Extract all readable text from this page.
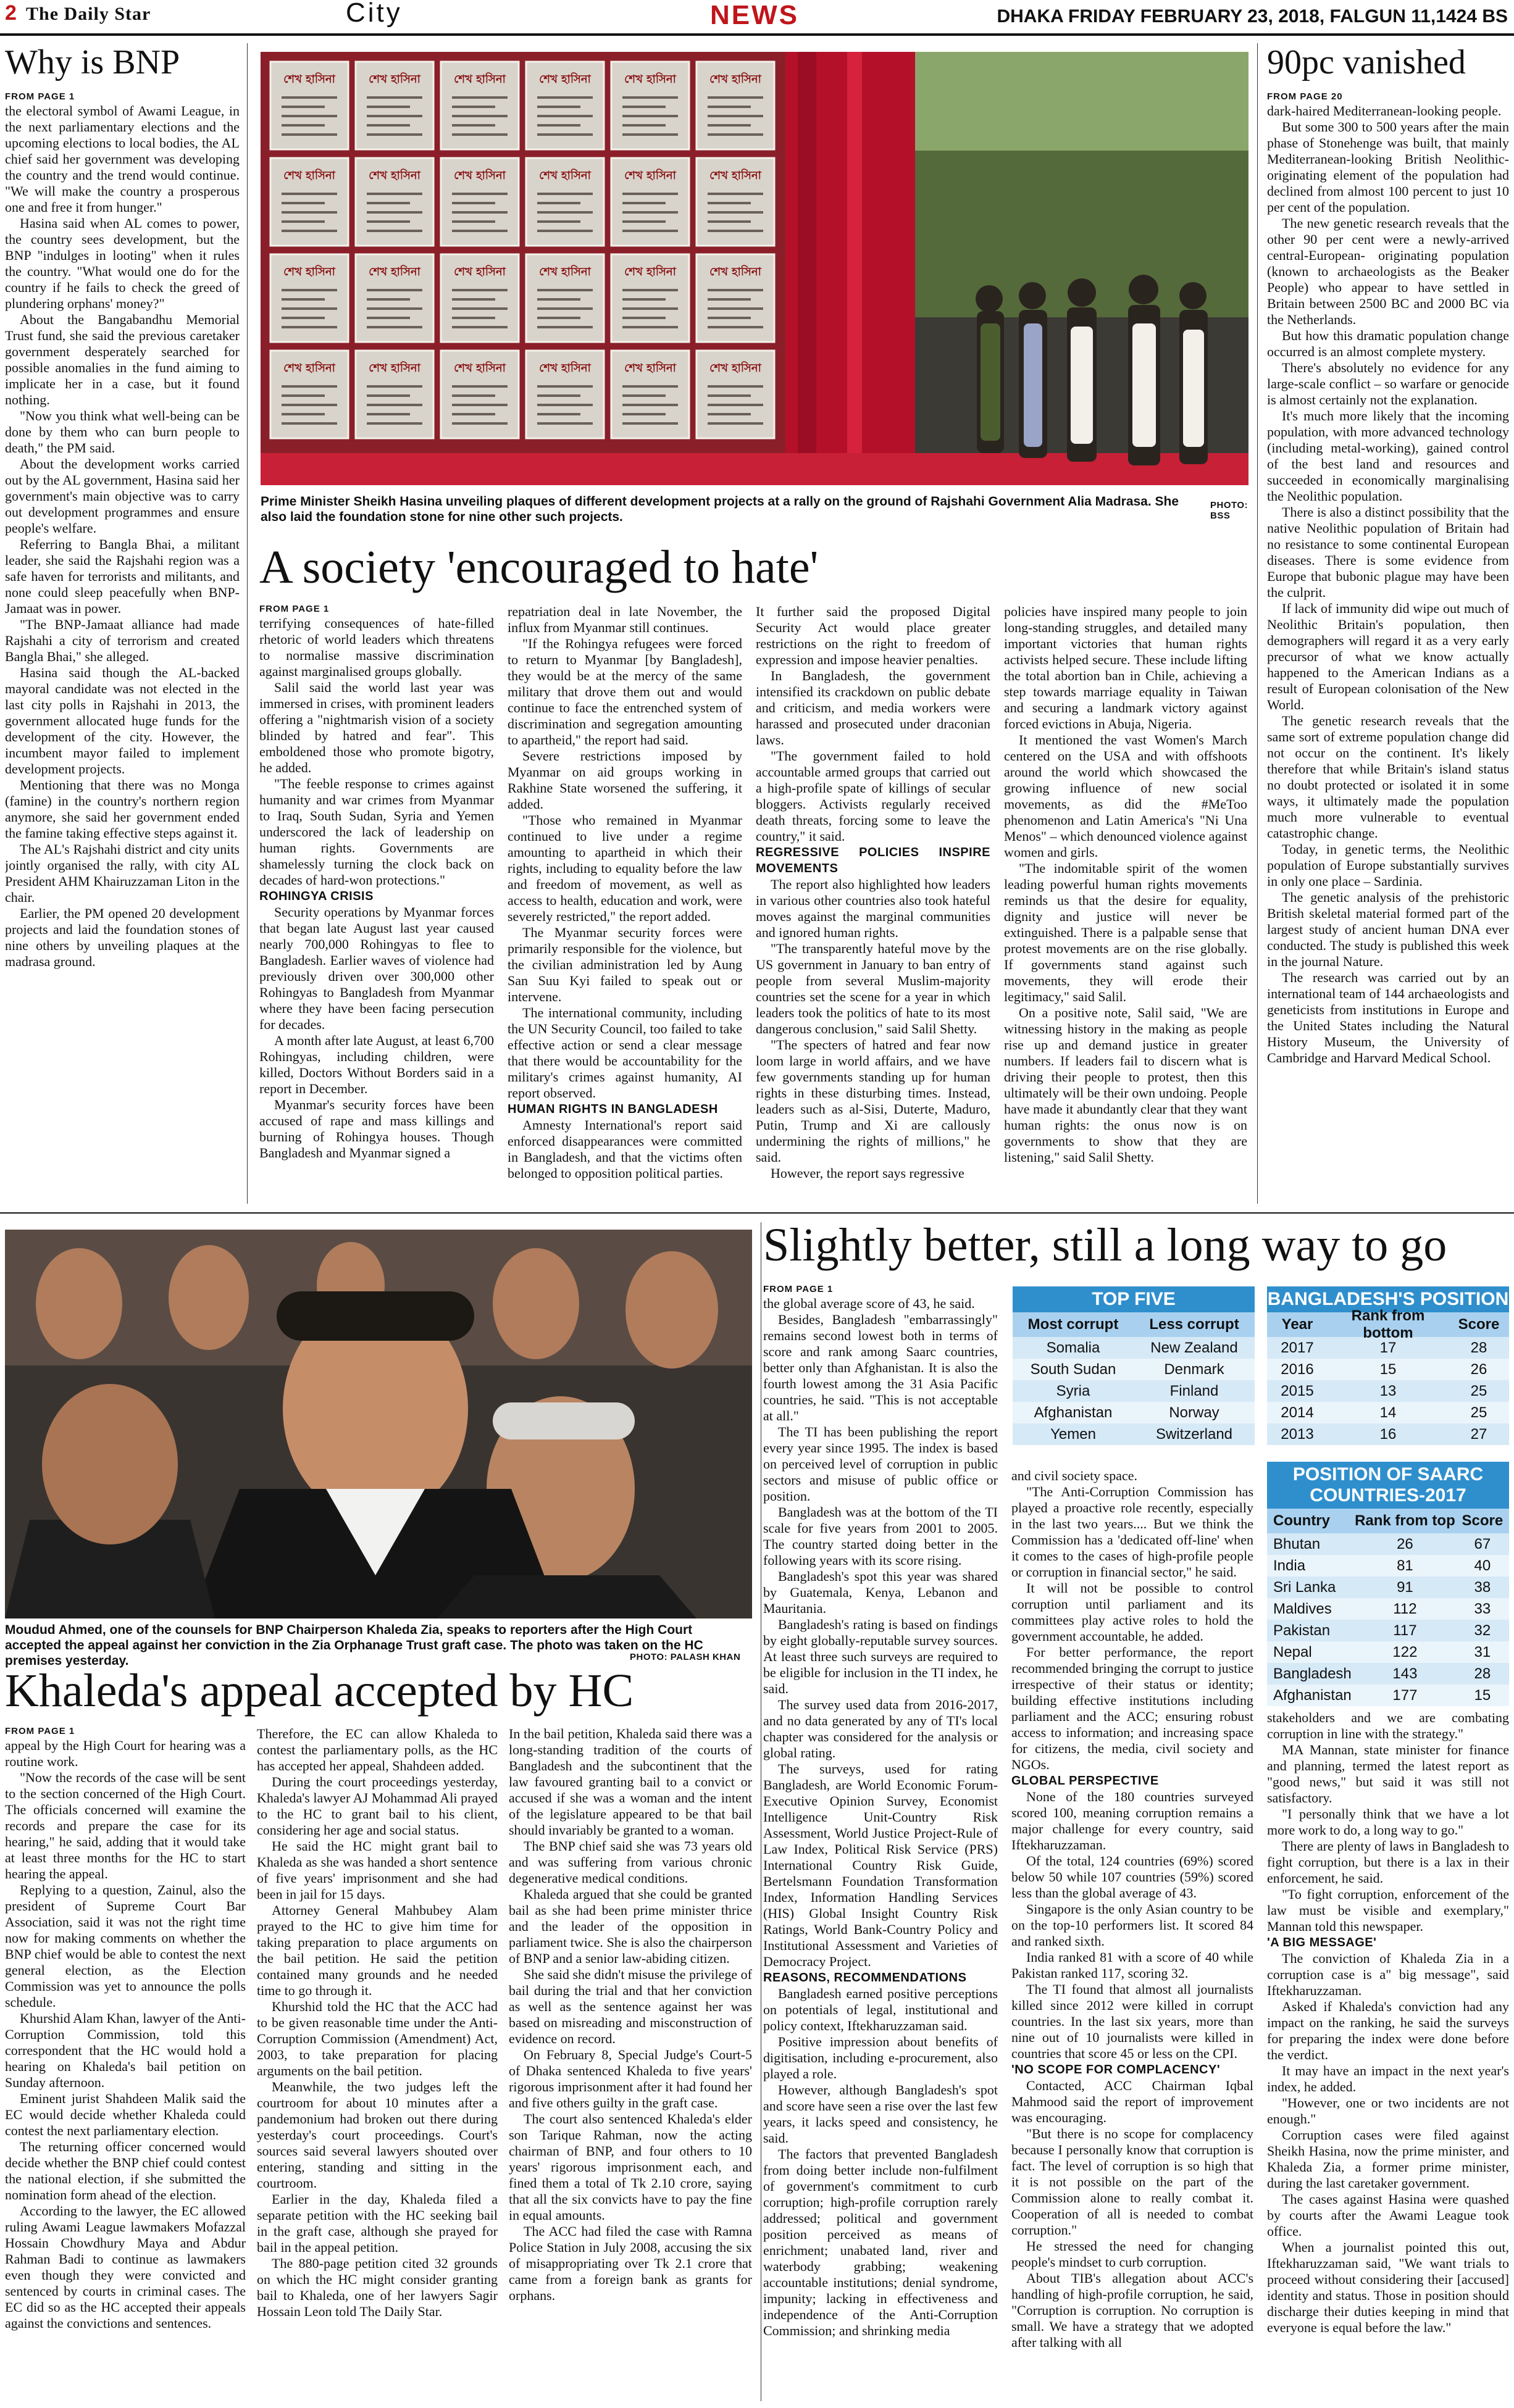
2 The Daily Star	City	NEWS	DHAKA FRIDAY FEBRUARY 23, 2018, FALGUN 11,1424 BS
Why is BNP
FROM PAGE 1

the electoral symbol of Awami League, in the next parliamentary elections and the upcoming elections to local bodies, the AL chief said her government was developing the country and the trend would continue. "We will make the country a prosperous one and free it from hunger."

Hasina said when AL comes to power, the country sees development, but the BNP "indulges in looting" when it rules the country. "What would one do for the country if he fails to check the greed of plundering orphans' money?"

About the Bangabandhu Memorial Trust fund, she said the previous caretaker government desperately searched for possible anomalies in the fund aiming to implicate her in a case, but it found nothing.

"Now you think what well-being can be done by them who can burn people to death," the PM said.

About the development works carried out by the AL government, Hasina said her government's main objective was to carry out development programmes and ensure people's welfare.

Referring to Bangla Bhai, a militant leader, she said the Rajshahi region was a safe haven for terrorists and militants, and none could sleep peacefully when BNP-Jamaat was in power.

"The BNP-Jamaat alliance had made Rajshahi a city of terrorism and created Bangla Bhai," she alleged.

Hasina said though the AL-backed mayoral candidate was not elected in the last city polls in Rajshahi in 2013, the government allocated huge funds for the development of the city. However, the incumbent mayor failed to implement development projects.

Mentioning that there was no Monga (famine) in the country's northern region anymore, she said her government ended the famine taking effective steps against it.

The AL's Rajshahi district and city units jointly organised the rally, with city AL President AHM Khairuzzaman Liton in the chair.

Earlier, the PM opened 20 development projects and laid the foundation stones of nine others by unveiling plaques at the madrasa ground.

শেখ হাসিনা	শেখ হাসিনা	শেখ হাসিনা	শেখ হাসিনা	শেখ হাসিনা	শেখ হাসিনা
শেখ হাসিনা	শেখ হাসিনা	শেখ হাসিনা	শেখ হাসিনা	শেখ হাসিনা	শেখ হাসিনা
শেখ হাসিনা	শেখ হাসিনা	শেখ হাসিনা	শেখ হাসিনা	শেখ হাসিনা	শেখ হাসিনা
শেখ হাসিনা	শেখ হাসিনা	শেখ হাসিনা	শেখ হাসিনা	শেখ হাসিনা	শেখ হাসিনা
Prime Minister Sheikh Hasina unveiling plaques of different development projects at a rally on the ground of Rajshahi Government Alia Madrasa. She also laid the foundation stone for nine other such projects.
PHOTO:
BSS
A society 'encouraged to hate'
FROM PAGE 1

terrifying consequences of hate-filled rhetoric of world leaders which threatens to normalise massive discrimination against marginalised groups globally.

Salil said the world last year was immersed in crises, with prominent leaders offering a "nightmarish vision of a society blinded by hatred and fear". This emboldened those who promote bigotry, he added.

"The feeble response to crimes against humanity and war crimes from Myanmar to Iraq, South Sudan, Syria and Yemen underscored the lack of leadership on human rights. Governments are shamelessly turning the clock back on decades of hard-won protections."

ROHINGYA CRISIS

Security operations by Myanmar forces that began late August last year caused nearly 700,000 Rohingyas to flee to Bangladesh. Earlier waves of violence had previously driven over 300,000 other Rohingyas to Bangladesh from Myanmar where they have been facing persecution for decades.

A month after late August, at least 6,700 Rohingyas, including children, were killed, Doctors Without Borders said in a report in December.

Myanmar's security forces have been accused of rape and mass killings and burning of Rohingya houses. Though Bangladesh and Myanmar signed a

repatriation deal in late November, the influx from Myanmar still continues.

"If the Rohingya refugees were forced to return to Myanmar [by Bangladesh], they would be at the mercy of the same military that drove them out and would continue to face the entrenched system of discrimination and segregation amounting to apartheid," the report had said.

Severe restrictions imposed by Myanmar on aid groups working in Rakhine State worsened the suffering, it added.

"Those who remained in Myanmar continued to live under a regime amounting to apartheid in which their rights, including to equality before the law and freedom of movement, as well as access to health, education and work, were severely restricted," the report added.

The Myanmar security forces were primarily responsible for the violence, but the civilian administration led by Aung San Suu Kyi failed to speak out or intervene.

The international community, including the UN Security Council, too failed to take effective action or send a clear message that there would be accountability for the military's crimes against humanity, AI report observed.

HUMAN RIGHTS IN BANGLADESH

Amnesty International's report said enforced disappearances were committed in Bangladesh, and that the victims often belonged to opposition political parties.

It further said the proposed Digital Security Act would place greater restrictions on the right to freedom of expression and impose heavier penalties.

In Bangladesh, the government intensified its crackdown on public debate and criticism, and media workers were harassed and prosecuted under draconian laws.

"The government failed to hold accountable armed groups that carried out a high-profile spate of killings of secular bloggers. Activists regularly received death threats, forcing some to leave the country," it said.

REGRESSIVE POLICIES INSPIRE MOVEMENTS

The report also highlighted how leaders in various other countries also took hateful moves against the marginal communities and ignored human rights.

"The transparently hateful move by the US government in January to ban entry of people from several Muslim-majority countries set the scene for a year in which leaders took the politics of hate to its most dangerous conclusion," said Salil Shetty.

"The specters of hatred and fear now loom large in world affairs, and we have few governments standing up for human rights in these disturbing times. Instead, leaders such as al-Sisi, Duterte, Maduro, Putin, Trump and Xi are callously undermining the rights of millions," he said.

However, the report says regressive

policies have inspired many people to join long-standing struggles, and detailed many important victories that human rights activists helped secure. These include lifting the total abortion ban in Chile, achieving a step towards marriage equality in Taiwan and securing a landmark victory against forced evictions in Abuja, Nigeria.

It mentioned the vast Women's March centered on the USA and with offshoots around the world which showcased the growing influence of new social movements, as did the #MeToo phenomenon and Latin America's "Ni Una Menos" – which denounced violence against women and girls.

"The indomitable spirit of the women leading powerful human rights movements reminds us that the desire for equality, dignity and justice will never be extinguished. There is a palpable sense that protest movements are on the rise globally. If governments stand against such movements, they will erode their legitimacy," said Salil.

On a positive note, Salil said, "We are witnessing history in the making as people rise up and demand justice in greater numbers. If leaders fail to discern what is driving their people to protest, then this ultimately will be their own undoing. People have made it abundantly clear that they want human rights: the onus now is on governments to show that they are listening," said Salil Shetty.

90pc vanished
FROM PAGE 20

dark-haired Mediterranean-looking people.

But some 300 to 500 years after the main phase of Stonehenge was built, that mainly Mediterranean-looking British Neolithic-originating element of the population had declined from almost 100 percent to just 10 per cent of the population.

The new genetic research reveals that the other 90 per cent were a newly-arrived central-European- originating population (known to archaeologists as the Beaker People) who appear to have settled in Britain between 2500 BC and 2000 BC via the Netherlands.

But how this dramatic population change occurred is an almost complete mystery.

There's absolutely no evidence for any large-scale conflict – so warfare or genocide is almost certainly not the explanation.

It's much more likely that the incoming population, with more advanced technology (including metal-working), gained control of the best land and resources and succeeded in economically marginalising the Neolithic population.

There is also a distinct possibility that the native Neolithic population of Britain had no resistance to some continental European diseases. There is some evidence from Europe that bubonic plague may have been the culprit.

If lack of immunity did wipe out much of Neolithic Britain's population, then demographers will regard it as a very early precursor of what we know actually happened to the American Indians as a result of European colonisation of the New World.

The genetic research reveals that the same sort of extreme population change did not occur on the continent. It's likely therefore that while Britain's island status no doubt protected or isolated it in some ways, it ultimately made the population much more vulnerable to eventual catastrophic change.

Today, in genetic terms, the Neolithic population of Europe substantially survives in only one place – Sardinia.

The genetic analysis of the prehistoric British skeletal material formed part of the largest study of ancient human DNA ever conducted. The study is published this week in the journal Nature.

The research was carried out by an international team of 144 archaeologists and geneticists from institutions in Europe and the United States including the Natural History Museum, the University of Cambridge and Harvard Medical School.

Moudud Ahmed, one of the counsels for BNP Chairperson Khaleda Zia, speaks to reporters after the High Court accepted the appeal against her conviction in the Zia Orphanage Trust graft case. The photo was taken on the HC premises yesterday.	PHOTO: PALASH KHAN
Khaleda's appeal accepted by HC
FROM PAGE 1

appeal by the High Court for hearing was a routine work.

"Now the records of the case will be sent to the section concerned of the High Court. The officials concerned will examine the records and prepare the case for its hearing," he said, adding that it would take at least three months for the HC to start hearing the appeal.

Replying to a question, Zainul, also the president of Supreme Court Bar Association, said it was not the right time now for making comments on whether the BNP chief would be able to contest the next general election, as the Election Commission was yet to announce the polls schedule.

Khurshid Alam Khan, lawyer of the Anti-Corruption Commission, told this correspondent that the HC would hold a hearing on Khaleda's bail petition on Sunday afternoon.

Eminent jurist Shahdeen Malik said the EC would decide whether Khaleda could contest the next parliamentary election.

The returning officer concerned would decide whether the BNP chief could contest the national election, if she submitted the nomination form ahead of the election.

According to the lawyer, the EC allowed ruling Awami League lawmakers Mofazzal Hossain Chowdhury Maya and Abdur Rahman Badi to continue as lawmakers even though they were convicted and sentenced by courts in criminal cases. The EC did so as the HC accepted their appeals against the convictions and sentences.

Therefore, the EC can allow Khaleda to contest the parliamentary polls, as the HC has accepted her appeal, Shahdeen added.

During the court proceedings yesterday, Khaleda's lawyer AJ Mohammad Ali prayed to the HC to grant bail to his client, considering her age and social status.

He said the HC might grant bail to Khaleda as she was handed a short sentence of five years' imprisonment and she had been in jail for 15 days.

Attorney General Mahbubey Alam prayed to the HC to give him time for taking preparation to place arguments on the bail petition. He said the petition contained many grounds and he needed time to go through it.

Khurshid told the HC that the ACC had to be given reasonable time under the Anti-Corruption Commission (Amendment) Act, 2003, to take preparation for placing arguments on the bail petition.

Meanwhile, the two judges left the courtroom for about 10 minutes after a pandemonium had broken out there during yesterday's court proceedings. Court's sources said several lawyers shouted over entering, standing and sitting in the courtroom.

Earlier in the day, Khaleda filed a separate petition with the HC seeking bail in the graft case, although she prayed for bail in the appeal petition.

The 880-page petition cited 32 grounds on which the HC might consider granting bail to Khaleda, one of her lawyers Sagir Hossain Leon told The Daily Star.

In the bail petition, Khaleda said there was a long-standing tradition of the courts of Bangladesh and the subcontinent that the law favoured granting bail to a convict or accused if she was a woman and the intent of the legislature appeared to be that bail should invariably be granted to a woman.

The BNP chief said she was 73 years old and was suffering from various chronic degenerative medical conditions.

Khaleda argued that she could be granted bail as she had been prime minister thrice and the leader of the opposition in parliament twice. She is also the chairperson of BNP and a senior law-abiding citizen.

She said she didn't misuse the privilege of bail during the trial and that her conviction as well as the sentence against her was based on misreading and misconstruction of evidence on record.

On February 8, Special Judge's Court-5 of Dhaka sentenced Khaleda to five years' rigorous imprisonment after it had found her and five others guilty in the graft case.

The court also sentenced Khaleda's elder son Tarique Rahman, now the acting chairman of BNP, and four others to 10 years' rigorous imprisonment each, and fined them a total of Tk 2.10 crore, saying that all the six convicts have to pay the fine in equal amounts.

The ACC had filed the case with Ramna Police Station in July 2008, accusing the six of misappropriating over Tk 2.1 crore that came from a foreign bank as grants for orphans.

Slightly better, still a long way to go
FROM PAGE 1

the global average score of 43, he said.

Besides, Bangladesh "embarrassingly" remains second lowest both in terms of score and rank among Saarc countries, better only than Afghanistan. It is also the fourth lowest among the 31 Asia Pacific countries, he said. "This is not acceptable at all."

The TI has been publishing the report every year since 1995. The index is based on perceived level of corruption in public sectors and misuse of public office or position.

Bangladesh was at the bottom of the TI scale for five years from 2001 to 2005. The country started doing better in the following years with its score rising.

Bangladesh's spot this year was shared by Guatemala, Kenya, Lebanon and Mauritania.

Bangladesh's rating is based on findings by eight globally-reputable survey sources. At least three such surveys are required to be eligible for inclusion in the TI index, he said.

The survey used data from 2016-2017, and no data generated by any of TI's local chapter was considered for the analysis or global rating.

The surveys, used for rating Bangladesh, are World Economic Forum-Executive Opinion Survey, Economist Intelligence Unit-Country Risk Assessment, World Justice Project-Rule of Law Index, Political Risk Service (PRS) International Country Risk Guide, Bertelsmann Foundation Transformation Index, Information Handling Services (HIS) Global Insight Country Risk Ratings, World Bank-Country Policy and Institutional Assessment and Varieties of Democracy Project.

REASONS, RECOMMENDATIONS

Bangladesh earned positive perceptions on potentials of legal, institutional and policy context, Iftekharuzzaman said.

Positive impression about benefits of digitisation, including e-procurement, also played a role.

However, although Bangladesh's spot and score have seen a rise over the last few years, it lacks speed and consistency, he said.

The factors that prevented Bangladesh from doing better include non-fulfilment of government's commitment to curb corruption; high-profile corruption rarely addressed; political and government position perceived as means of enrichment; unabated land, river and waterbody grabbing; weakening accountable institutions; denial syndrome, impunity; lacking in effectiveness and independence of the Anti-Corruption Commission; and shrinking media

and civil society space.

"The Anti-Corruption Commission has played a proactive role recently, especially in the last two years.... But we think the Commission has a 'dedicated off-line' when it comes to the cases of high-profile people or corruption in financial sector," he said.

It will not be possible to control corruption until parliament and its committees play active roles to hold the government accountable, he added.

For better performance, the report recommended bringing the corrupt to justice irrespective of their status or identity; building effective institutions including parliament and the ACC; ensuring robust access to information; and increasing space for citizens, the media, civil society and NGOs.

GLOBAL PERSPECTIVE

None of the 180 countries surveyed scored 100, meaning corruption remains a major challenge for every country, said Iftekharuzzaman.

Of the total, 124 countries (69%) scored below 50 while 107 countries (59%) scored less than the global average of 43.

Singapore is the only Asian country to be on the top-10 performers list. It scored 84 and ranked sixth.

India ranked 81 with a score of 40 while Pakistan ranked 117, scoring 32.

The TI found that almost all journalists killed since 2012 were killed in corrupt countries. In the last six years, more than nine out of 10 journalists were killed in countries that score 45 or less on the CPI.

'NO SCOPE FOR COMPLACENCY'

Contacted, ACC Chairman Iqbal Mahmood said the report of improvement was encouraging.

"But there is no scope for complacency because I personally know that corruption is fact. The level of corruption is so high that it is not possible on the part of the Commission alone to really combat it. Cooperation of all is needed to combat corruption."

He stressed the need for changing people's mindset to curb corruption.

About TIB's allegation about ACC's handling of high-profile corruption, he said, "Corruption is corruption. No corruption is small. We have a strategy that we adopted after talking with all

stakeholders and we are combating corruption in line with the strategy."

MA Mannan, state minister for finance and planning, termed the latest report as "good news," but said it was still not satisfactory.

"I personally think that we have a lot more work to do, a long way to go."

There are plenty of laws in Bangladesh to fight corruption, but there is a lax in their enforcement, he said.

"To fight corruption, enforcement of the law must be visible and exemplary," Mannan told this newspaper.

'A BIG MESSAGE'

The conviction of Khaleda Zia in a corruption case is a" big message", said Iftekharuzzaman.

Asked if Khaleda's conviction had any impact on the ranking, he said the surveys for preparing the index were done before the verdict.

It may have an impact in the next year's index, he added.

"However, one or two incidents are not enough."

Corruption cases were filed against Sheikh Hasina, now the prime minister, and Khaleda Zia, a former prime minister, during the last caretaker government.

The cases against Hasina were quashed by courts after the Awami League took office.

When a journalist pointed this out, Iftekharuzzaman said, "We want trials to proceed without considering their [accused] identity and status. Those in position should discharge their duties keeping in mind that everyone is equal before the law."

TOP FIVE
Most corrupt	Less corrupt
Somalia	New Zealand
South Sudan	Denmark
Syria	Finland
Afghanistan	Norway
Yemen	Switzerland
BANGLADESH'S POSITION
Year
Rank from bottom
Score
2017	17	28
2016	15	26
2015	13	25
2014	14	25
2013	16	27
POSITION OF SAARC
COUNTRIES-2017
Country	Rank from top Score
Bhutan	26	67
India	81	40
Sri Lanka	91	38
Maldives	112	33
Pakistan	117	32
Nepal	122	31
Bangladesh	143	28
Afghanistan	177	15
